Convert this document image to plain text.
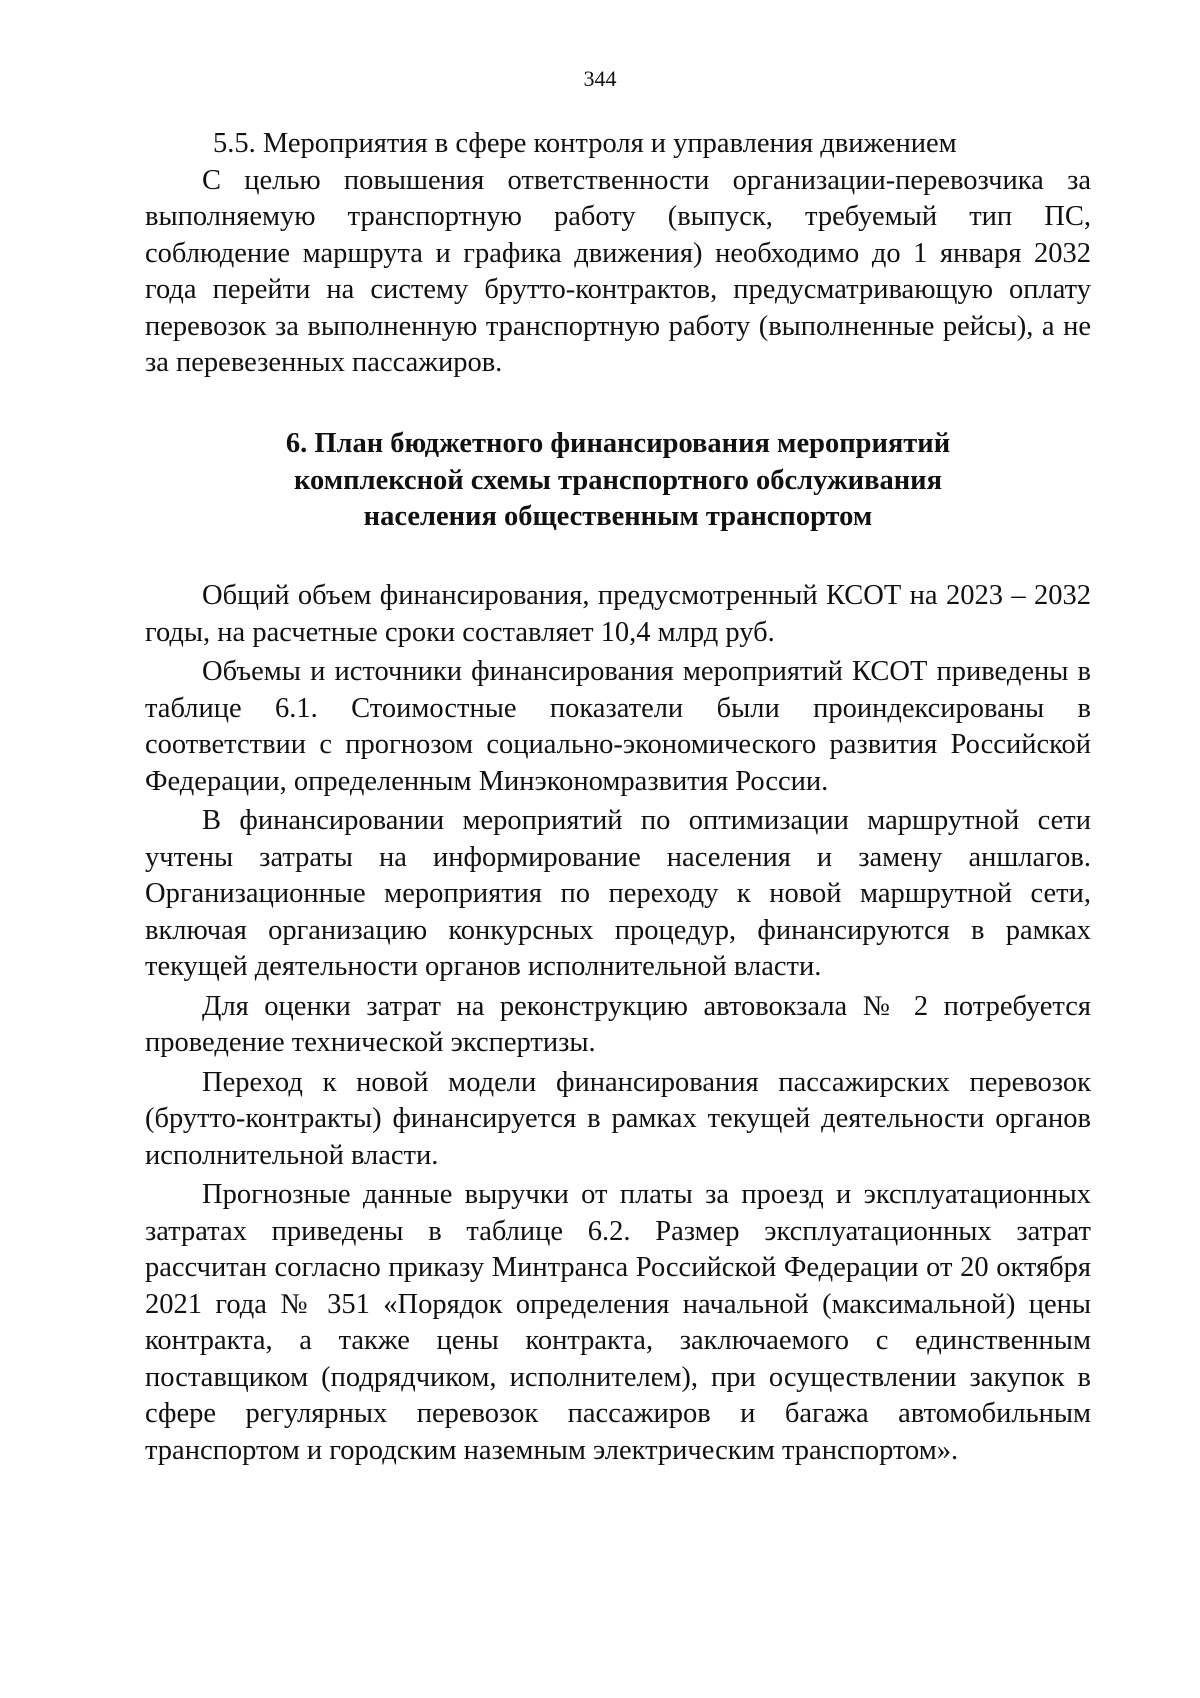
344

5.5. Мероприятия в сфере контроля и управления движением

С целью повышения ответственности организации-перевозчика за выполняемую транспортную работу (выпуск, требуемый тип ПС, соблюдение маршрута и графика движения) необходимо до 1 января 2032 года перейти на систему брутто-контрактов, предусматривающую оплату перевозок за выполненную транспортную работу (выполненные рейсы), а не за перевезенных пассажиров.

6. План бюджетного финансирования мероприятий
комплексной схемы транспортного обслуживания
населения общественным транспортом

Общий объем финансирования, предусмотренный КСОТ на 2023 – 2032 годы, на расчетные сроки составляет 10,4 млрд руб.

Объемы и источники финансирования мероприятий КСОТ приведены в таблице 6.1. Стоимостные показатели были проиндексированы в соответствии с прогнозом социально-экономического развития Российской Федерации, определенным Минэкономразвития России.

В финансировании мероприятий по оптимизации маршрутной сети учтены затраты на информирование населения и замену аншлагов. Организационные мероприятия по переходу к новой маршрутной сети, включая организацию конкурсных процедур, финансируются в рамках текущей деятельности органов исполнительной власти.

Для оценки затрат на реконструкцию автовокзала № 2 потребуется проведение технической экспертизы.

Переход к новой модели финансирования пассажирских перевозок (брутто-контракты) финансируется в рамках текущей деятельности органов исполнительной власти.

Прогнозные данные выручки от платы за проезд и эксплуатационных затратах приведены в таблице 6.2. Размер эксплуатационных затрат рассчитан согласно приказу Минтранса Российской Федерации от 20 октября 2021 года № 351 «Порядок определения начальной (максимальной) цены контракта, а также цены контракта, заключаемого с единственным поставщиком (подрядчиком, исполнителем), при осуществлении закупок в сфере регулярных перевозок пассажиров и багажа автомобильным транспортом и городским наземным электрическим транспортом».
